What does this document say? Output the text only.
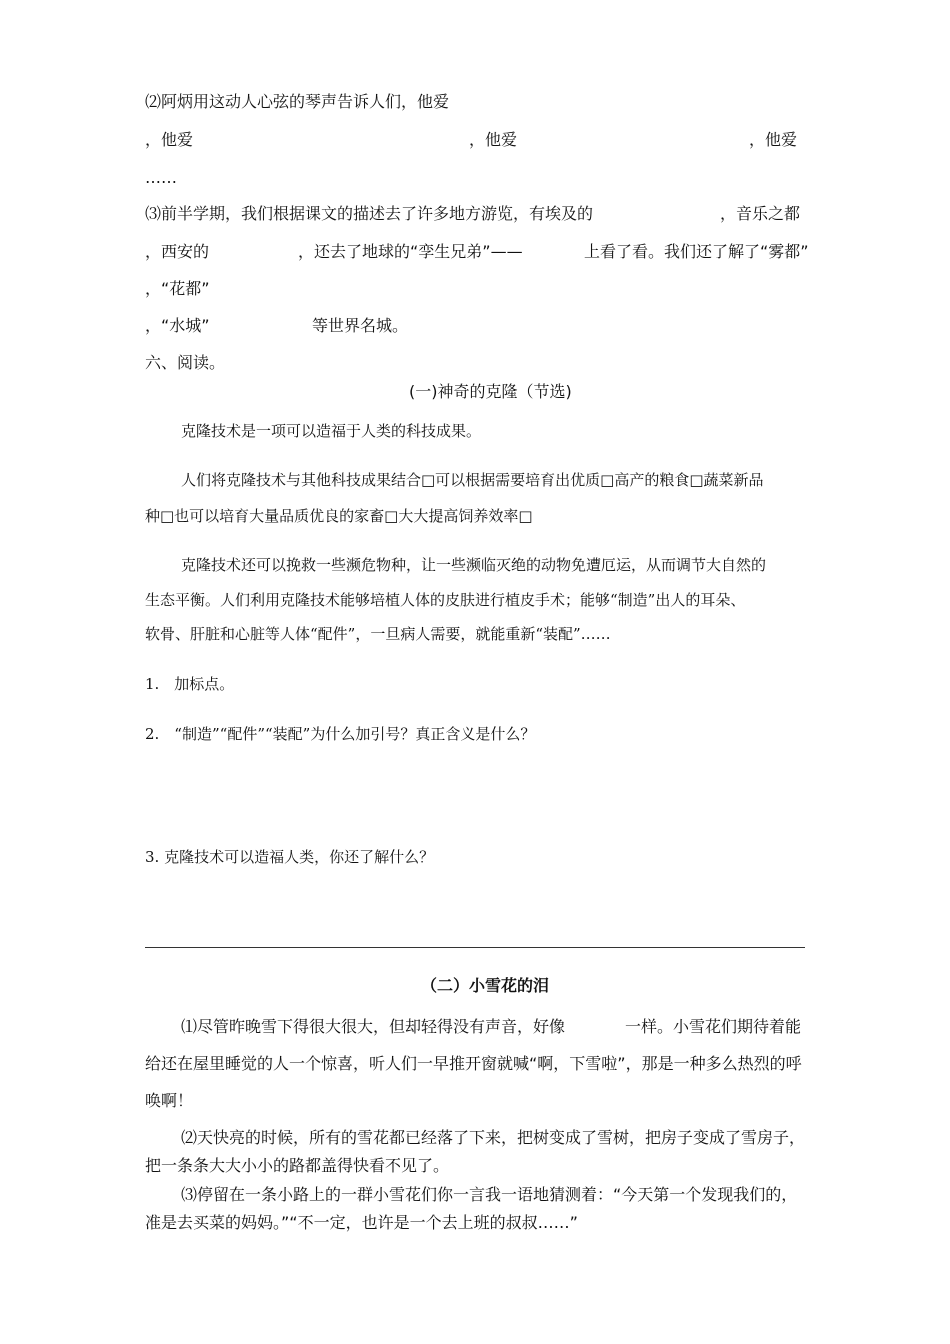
⑵阿炳用这动人心弦的琴声告诉人们，他爱
，他爱	，他爱	，他爱
……
⑶前半学期，我们根据课文的描述去了许多地方游览，有埃及的	，音乐之都
，西安的	，还去了地球的“孪生兄弟”——	上看了看。我们还了解了“雾都”
，“花都”
，“水城”	等世界名城。
六、阅读。
(一)神奇的克隆（节选)
克隆技术是一项可以造福于人类的科技成果。
人们将克隆技术与其他科技成果结合□可以根据需要培育出优质□高产的粮食□蔬菜新品
种□也可以培育大量品质优良的家畜□大大提高饲养效率□
克隆技术还可以挽救一些濒危物种，让一些濒临灭绝的动物免遭厄运，从而调节大自然的
生态平衡。人们利用克隆技术能够培植人体的皮肤进行植皮手术；能够“制造”出人的耳朵、
软骨、肝脏和心脏等人体“配件”，一旦病人需要，就能重新“装配”……
1.　加标点。
2.　“制造”“配件”“装配”为什么加引号？真正含义是什么？
3. 克隆技术可以造福人类，你还了解什么？
（二）小雪花的泪
⑴尽管昨晚雪下得很大很大，但却轻得没有声音，好像	一样。小雪花们期待着能
给还在屋里睡觉的人一个惊喜，听人们一早推开窗就喊“啊，下雪啦”，那是一种多么热烈的呼
唤啊！
⑵天快亮的时候，所有的雪花都已经落了下来，把树变成了雪树，把房子变成了雪房子，
把一条条大大小小的路都盖得快看不见了。
⑶停留在一条小路上的一群小雪花们你一言我一语地猜测着：“今天第一个发现我们的，
准是去买菜的妈妈。”“不一定，也许是一个去上班的叔叔……”
